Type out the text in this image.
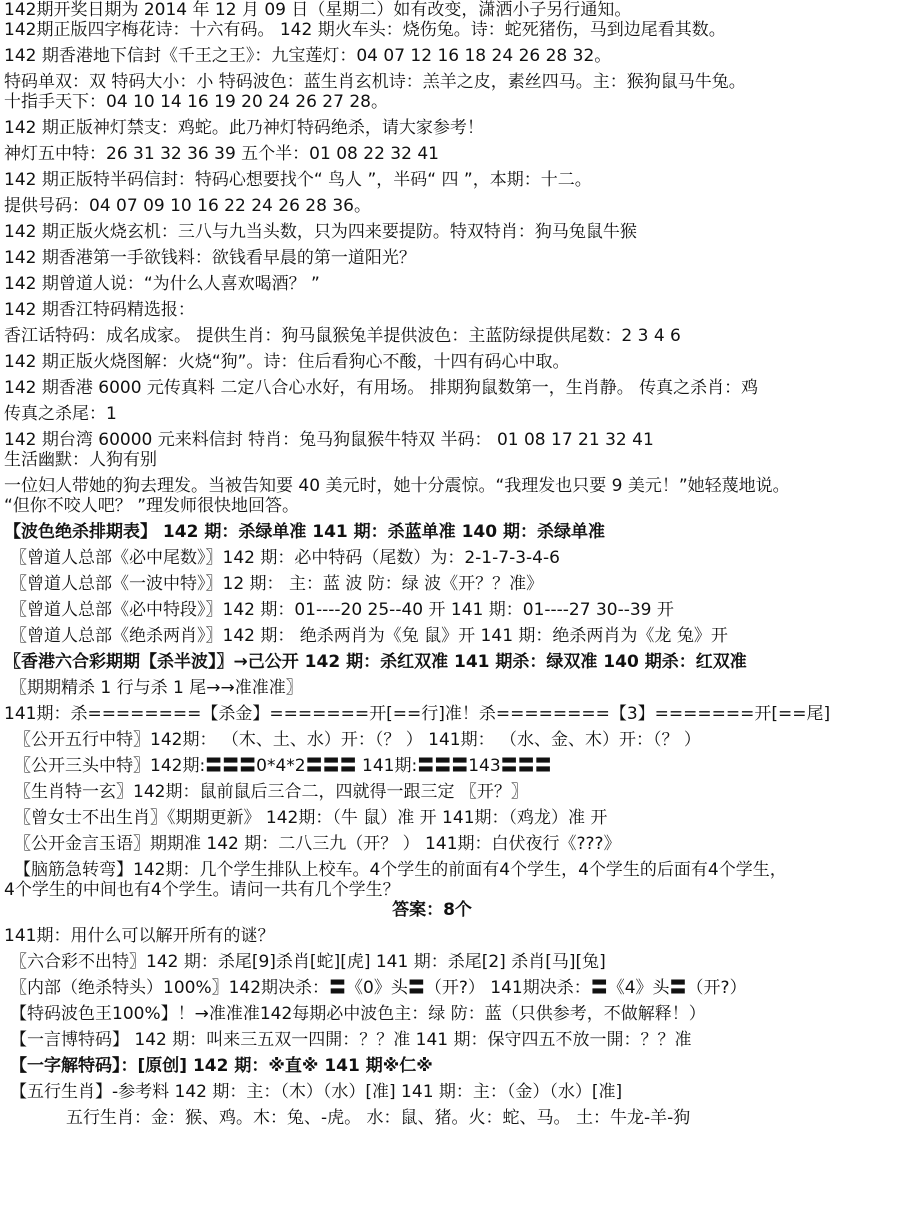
142期开奖日期为 2014 年 12 月 09 日（星期二）如有改变，潇洒小子另行通知。
142期正版四字梅花诗：十六有码。 142 期火车头：烧伤兔。诗：蛇死猪伤，马到边尾看其数。
142 期香港地下信封《千王之王》：九宝莲灯：04 07 12 16 18 24 26 28 32。
特码单双：双 特码大小：小 特码波色：蓝生肖玄机诗：羔羊之皮，素丝四马。主：猴狗鼠马牛兔。
十指手天下：04 10 14 16 19 20 24 26 27 28。
142 期正版神灯禁支：鸡蛇。此乃神灯特码绝杀，请大家参考！
神灯五中特：26 31 32 36 39 五个半：01 08 22 32 41
142 期正版特半码信封：特码心想要找个“ 鸟人 ”，半码“ 四 ”，本期：十二。
提供号码：04 07 09 10 16 22 24 26 28 36。
142 期正版火烧玄机：三八与九当头数，只为四来要提防。特双特肖：狗马兔鼠牛猴
142 期香港第一手欲钱料：欲钱看早晨的第一道阳光？
142 期曾道人说：“为什么人喜欢喝酒？ ”
142 期香江特码精选报：
香江话特码：成名成家。 提供生肖：狗马鼠猴兔羊提供波色：主蓝防绿提供尾数：2 3 4 6
142 期正版火烧图解：火烧“狗”。诗：住后看狗心不酸，十四有码心中取。
142 期香港 6000 元传真料 二定八合心水好，有用场。 排期狗鼠数第一，生肖静。 传真之杀肖：鸡
传真之杀尾：1
142 期台湾 60000 元来料信封 特肖：兔马狗鼠猴牛特双 半码： 01 08 17 21 32 41
生活幽默：人狗有别
一位妇人带她的狗去理发。当被告知要 40 美元时，她十分震惊。“我理发也只要 9 美元！”她轻蔑地说。
“但你不咬人吧？ ”理发师很快地回答。
【波色绝杀排期表】 142 期：杀绿单准 141 期：杀蓝单准 140 期：杀绿单准
〖曾道人总部《必中尾数》〗142 期：必中特码（尾数）为：2-1-7-3-4-6
〖曾道人总部《一波中特》〗12 期： 主：蓝 波 防：绿 波《开？？准》
〖曾道人总部《必中特段》〗142 期：01----20 25--40 开 141 期：01----27 30--39 开
〖曾道人总部《绝杀两肖》〗142 期： 绝杀两肖为《兔 鼠》开 141 期：绝杀两肖为《龙 兔》开
〖香港六合彩期期【杀半波】〗→己公开 142 期：杀红双准 141 期杀：绿双准 140 期杀：红双准
〖期期精杀 1 行与杀 1 尾→→准准准〗
141期：杀========【杀金】=======开[==行]准！杀========【3】=======开[==尾]
〖公开五行中特〗142期： （木、土、水）开：（？ ） 141期： （水、金、木）开：（？ ）
〖公开三头中特〗142期:〓〓〓0*4*2〓〓〓 141期:〓〓〓143〓〓〓
〖生肖特一玄〗142期：鼠前鼠后三合二，四就得一跟三定 〖开？〗
〖曾女士不出生肖〗《期期更新》 142期：（牛 鼠）准 开 141期：（鸡龙）准 开
〖公开金言玉语〗期期准 142 期：二八三九（开？ ） 141期：白伏夜行《???》
【脑筋急转弯】142期：几个学生排队上校车。4个学生的前面有4个学生，4个学生的后面有4个学生，
4个学生的中间也有4个学生。请问一共有几个学生？
答案：8个
141期：用什么可以解开所有的谜？
〖六合彩不出特〗142 期：杀尾[9]杀肖[蛇][虎] 141 期：杀尾[2] 杀肖[马][兔]
〖内部（绝杀特头）100%〗142期决杀：〓《0》头〓（开?） 141期决杀：〓《4》头〓（开?）
【特码波色王100%】！→准准准142每期必中波色主：绿 防：蓝（只供参考，不做解释！）
【一言博特码】 142 期：叫来三五双一四開：？？准 141 期：保守四五不放一開：？？准
【一字解特码】：[原创] 142 期：※直※ 141 期※仁※
【五行生肖】-参考料 142 期：主：（木）（水）[准] 141 期：主：（金）（水）[准]
五行生肖：金：猴、鸡。木：兔、-虎。 水：鼠、猪。火：蛇、马。 土：牛龙-羊-狗
